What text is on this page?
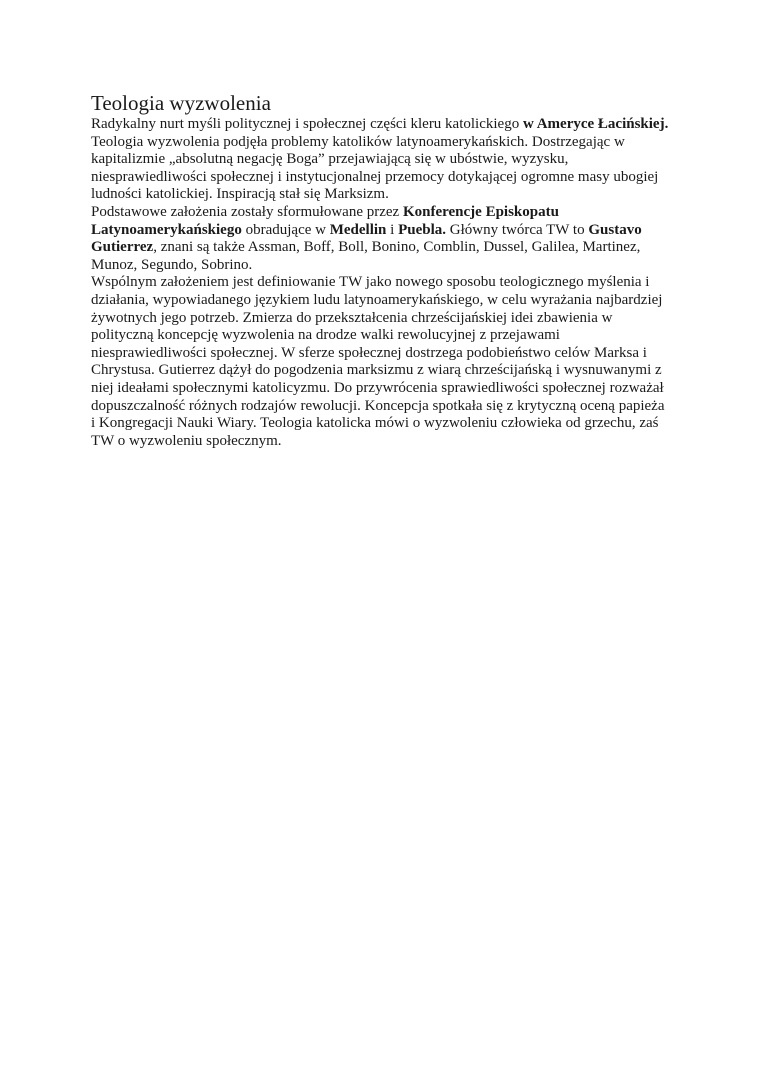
Teologia wyzwolenia

Radykalny nurt myśli politycznej i społecznej części kleru katolickiego w Ameryce Łacińskiej. Teologia wyzwolenia podjęła problemy katolików latynoamerykańskich. Dostrzegając w kapitalizmie „absolutną negację Boga” przejawiającą się w ubóstwie, wyzysku, niesprawiedliwości społecznej i instytucjonalnej przemocy dotykającej ogromne masy ubogiej ludności katolickiej. Inspiracją stał się Marksizm.

Podstawowe założenia zostały sformułowane przez Konferencje Episkopatu Latynoamerykańskiego obradujące w Medellin i Puebla. Główny twórca TW to Gustavo Gutierrez, znani są także Assman, Boff, Boll, Bonino, Comblin, Dussel, Galilea, Martinez, Munoz, Segundo, Sobrino.

Wspólnym założeniem jest definiowanie TW jako nowego sposobu teologicznego myślenia i działania, wypowiadanego językiem ludu latynoamerykańskiego, w celu wyrażania najbardziej żywotnych jego potrzeb. Zmierza do przekształcenia chrześcijańskiej idei zbawienia w polityczną koncepcję wyzwolenia na drodze walki rewolucyjnej z przejawami niesprawiedliwości społecznej. W sferze społecznej dostrzega podobieństwo celów Marksa i Chrystusa. Gutierrez dążył do pogodzenia marksizmu z wiarą chrześcijańską i wysnuwanymi z niej ideałami społecznymi katolicyzmu. Do przywrócenia sprawiedliwości społecznej rozważał dopuszczalność różnych rodzajów rewolucji. Koncepcja spotkała się z krytyczną oceną papieża i Kongregacji Nauki Wiary. Teologia katolicka mówi o wyzwoleniu człowieka od grzechu, zaś TW o wyzwoleniu społecznym.
